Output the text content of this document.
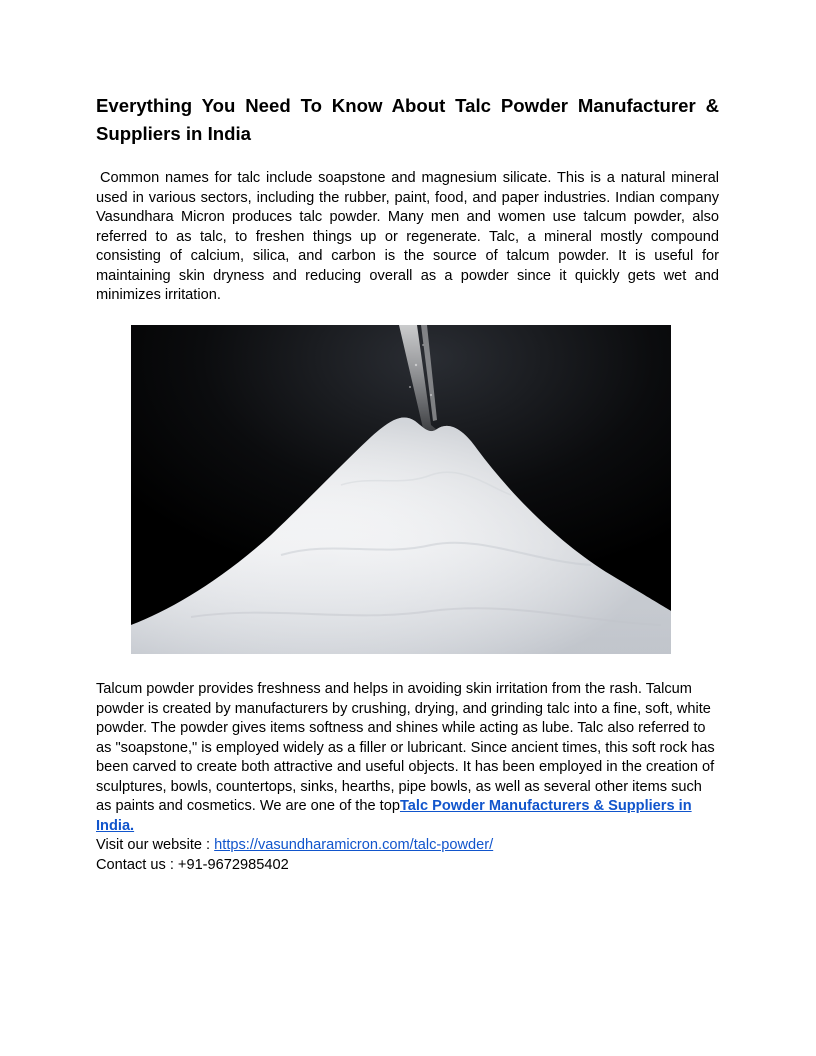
Everything You Need To Know About Talc Powder Manufacturer & Suppliers in India

Common names for talc include soapstone and magnesium silicate. This is a natural mineral used in various sectors, including the rubber, paint, food, and paper industries. Indian company Vasundhara Micron produces talc powder. Many men and women use talcum powder, also referred to as talc, to freshen things up or regenerate. Talc, a mineral mostly compound consisting of calcium, silica, and carbon is the source of talcum powder. It is useful for maintaining skin dryness and reducing overall as a powder since it quickly gets wet and minimizes irritation.

Talcum powder provides freshness and helps in avoiding skin irritation from the rash. Talcum powder is created by manufacturers by crushing, drying, and grinding talc into a fine, soft, white powder. The powder gives items softness and shines while acting as lube. Talc also referred to as "soapstone," is employed widely as a filler or lubricant. Since ancient times, this soft rock has been carved to create both attractive and useful objects. It has been employed in the creation of sculptures, bowls, countertops, sinks, hearths, pipe bowls, as well as several other items such as paints and cosmetics. We are one of the topTalc Powder Manufacturers & Suppliers in India.

Visit our website : https://vasundharamicron.com/talc-powder/

Contact us : +91-9672985402
